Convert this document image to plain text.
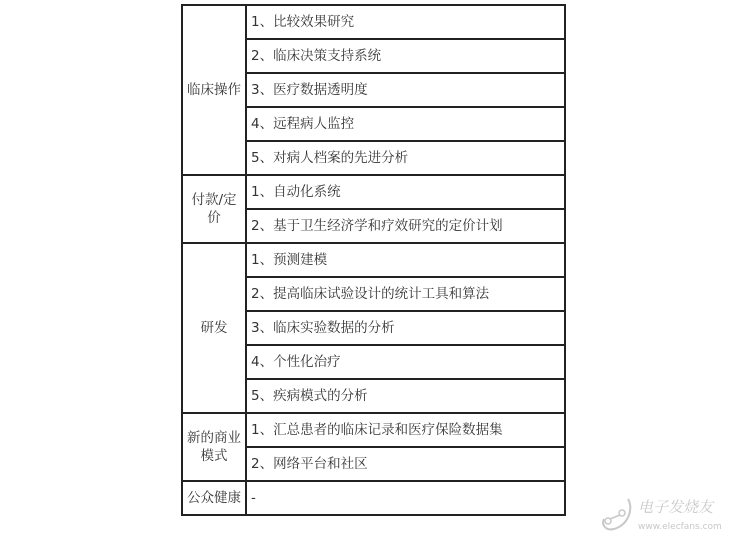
临床操作	1、比较效果研究
	2、临床决策支持系统
	3、医疗数据透明度
	4、远程病人监控
	5、对病人档案的先进分析
付款/定价	1、自动化系统
	2、基于卫生经济学和疗效研究的定价计划
研发	1、预测建模
	2、提高临床试验设计的统计工具和算法
	3、临床实验数据的分析
	4、个性化治疗
	5、疾病模式的分析
新的商业模式	1、汇总患者的临床记录和医疗保险数据集
	2、网络平台和社区
公众健康	-	电子发烧友
www.elecfans.com
